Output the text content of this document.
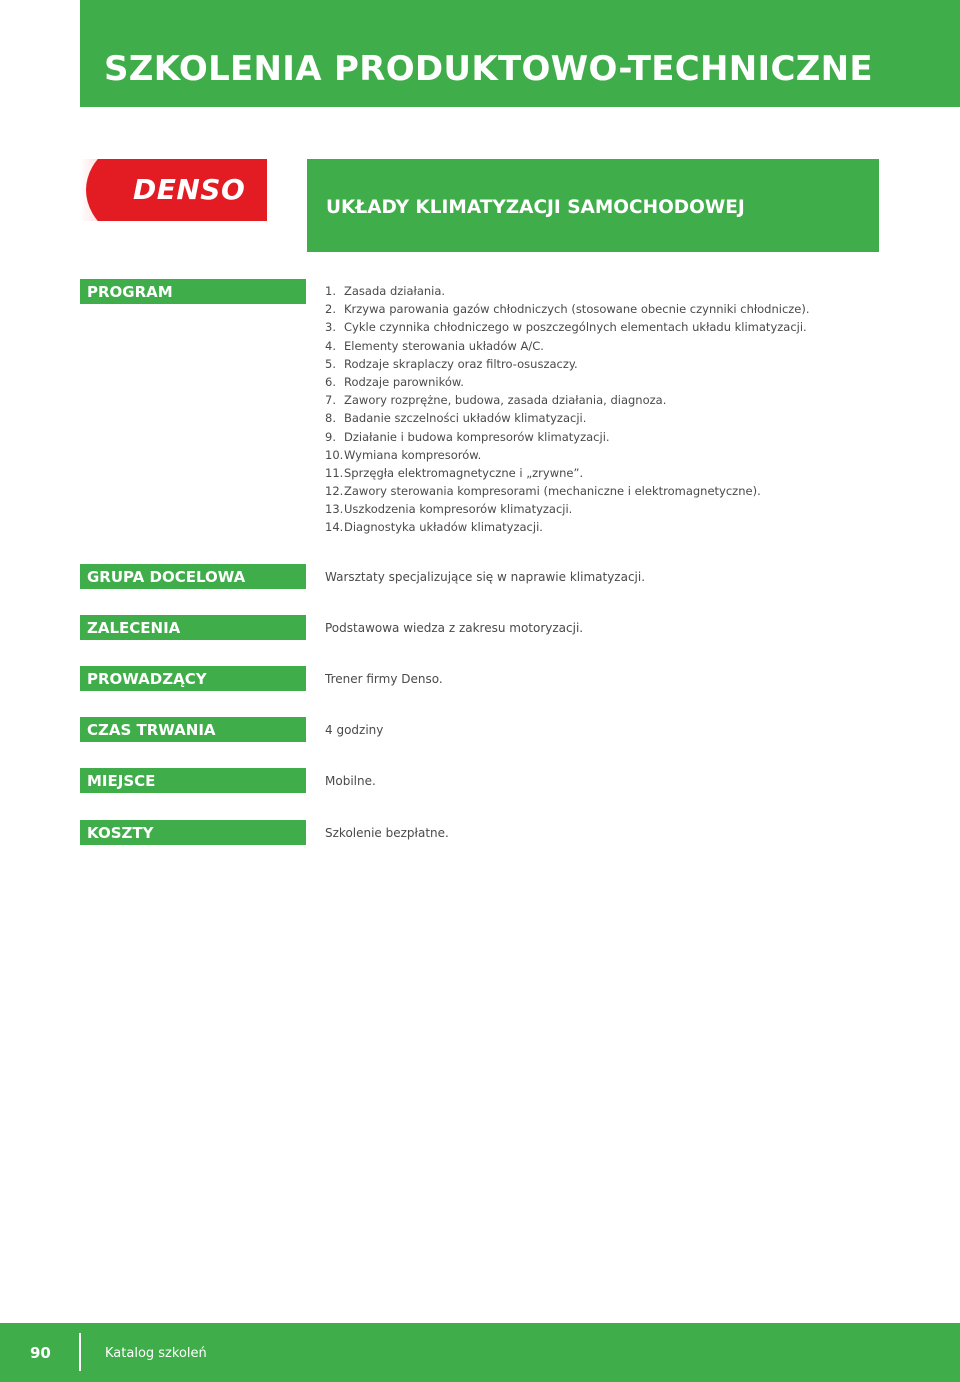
SZKOLENIA PRODUKTOWO-TECHNICZNE
DENSO
UKŁADY KLIMATYZACJI SAMOCHODOWEJ
PROGRAM	1. Zasada działania.
2. Krzywa parowania gazów chłodniczych (stosowane obecnie czynniki chłodnicze).
3. Cykle czynnika chłodniczego w poszczególnych elementach układu klimatyzacji.
4. Elementy sterowania układów A/C.
5. Rodzaje skraplaczy oraz filtro-osuszaczy.
6. Rodzaje parowników.
7. Zawory rozprężne, budowa, zasada działania, diagnoza.
8. Badanie szczelności układów klimatyzacji.
9. Działanie i budowa kompresorów klimatyzacji.
10.Wymiana kompresorów.
11.Sprzęgła elektromagnetyczne i „zrywne”.
12.Zawory sterowania kompresorami (mechaniczne i elektromagnetyczne).
13.Uszkodzenia kompresorów klimatyzacji.
14.Diagnostyka układów klimatyzacji.
GRUPA DOCELOWA	Warsztaty specjalizujące się w naprawie klimatyzacji.
ZALECENIA	Podstawowa wiedza z zakresu motoryzacji.
PROWADZĄCY	Trener firmy Denso.
CZAS TRWANIA	4 godziny
MIEJSCE	Mobilne.
KOSZTY	Szkolenie bezpłatne.
90	Katalog szkoleń
